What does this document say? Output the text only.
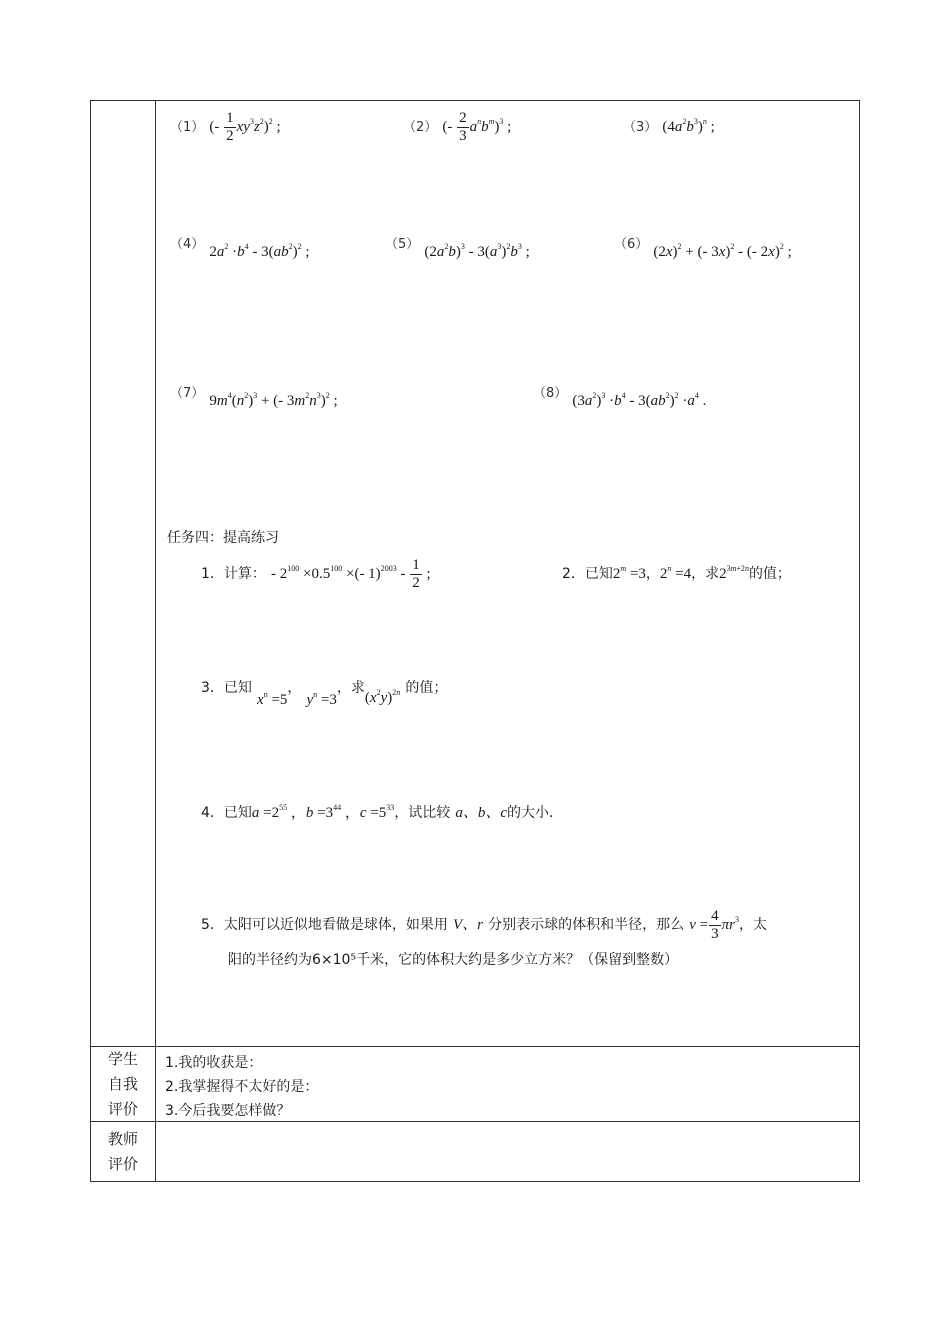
（1） (- $\frac{1}{2} xy^3z^2)^2$ ;	（2） (- $\frac{2}{3} a^nb^m)^3$ ;	（3） $(4a^2b^3)^n$ ;
（4） $2a^2 \cdot b^4 - 3(ab^2)^2$ ;	（5） $(2a^2b)^3 - 3(a^3)^2b^3$ ;	（6） $(2x)^2$ + (- 3x)$^2$ - (- 2x)$^2$ ;
（7） $9m^4(n^2)^3$ + (- $3m^2n^3)^2$ ;	（8） $(3a^2)^3 \cdot b^4 - 3(ab^2)^2 \cdot a^4$ .
任务四：提高练习
1．计算： - $2^{100} \times 0.5^{100}$ ×(- $1)^{2003} - \frac{1}{2}$ ;	2．已知$2^m =3$，$2^n =4$，求$2^{3m+2n}$的值；
3．已知 $x^n =5$， $y^n =3$，求$(x^2y)^{2n}$ 的值；
4．已知$a =2^{55}$ ，$b =3^{44}$ ，$c =5^{33}$，试比较 a、b、c的大小．
5．太阳可以近似地看做是球体，如果用 V、r 分别表示球的体积和半径，那么 $v = \frac{4}{3} \pi r^3$，太
阳的半径约为6×10⁵千米，它的体积大约是多少立方米？（保留到整数）
学生
自我
评价
1.我的收获是：
2.我掌握得不太好的是：
3.今后我要怎样做？
教师
评价
